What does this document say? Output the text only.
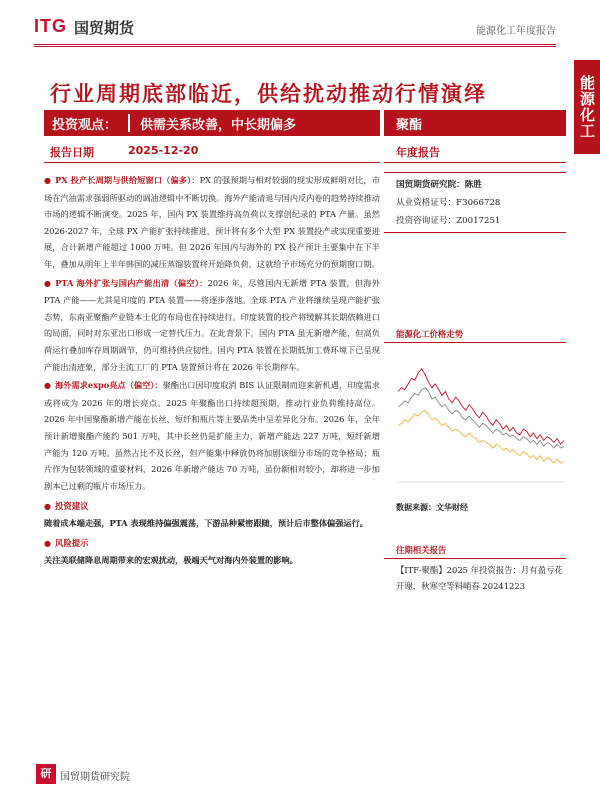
ITG 国贸期货	能源化工年度报告
能源化工
行业周期底部临近，供给扰动推动行情演绎
投资观点： 供需关系改善，中长期偏多	聚酯
报告日期	2025-12-20	年度报告

● PX 投产长周期与供给短窗口（偏多）：PX 的强预期与相对较弱的现实形成鲜明对比，市场在汽油需求强弱所驱动的调油逻辑中不断切换。海外产能清退与国内反内卷的趋势持续推动市场的逻辑不断演变。2025 年，国内 PX 装置维持高负荷以支撑创纪录的 PTA 产量。虽然 2026-2027 年，全球 PX 产能扩张持续推进，预计将有多个大型 PX 装置投产或实现重要进展，合计新增产能超过 1000 万吨。但 2026 年国内与海外的 PX 投产预计主要集中在下半年，叠加从明年上半年韩国的减压蒸馏装置将开始降负荷，这就给予市场充分的预期窗口期。

● PTA 海外扩张与国内产能出清（偏空）：2026 年，尽管国内无新增 PTA 装置，但海外 PTA 产能——尤其是印度的 PTA 装置——将逐步落地。全球 PTA 产业将继续呈现产能扩张态势，东南亚聚酯产业链本土化的布局也在持续进行。印度装置的投产将缓解其长期依赖进口的局面，同时对东亚出口形成一定替代压力。在此背景下，国内 PTA 虽无新增产能，但高负荷运行叠加库存周期调节，仍可维持供应韧性。国内 PTA 装置在长期低加工费环境下已呈现产能出清迹象，部分主流工厂的 PTA 装置预计将在 2026 年长期停车。

● 海外需求expo亮点（偏空）：聚酯出口因印度取消 BIS 认证限制而迎来新机遇，印度需求或将成为 2026 年的增长亮点。2025 年聚酯出口持续超预期，推动行业负荷维持高位。2026 年中国聚酯新增产能在长丝、短纤和瓶片等主要品类中呈差异化分布。2026 年，全年预计新增聚酯产能约 501 万吨，其中长丝仍是扩能主力，新增产能达 227 万吨，短纤新增产能为 120 万吨。虽然占比不及长丝，但产能集中释放仍将加剧该细分市场的竞争格局；瓶片作为包装领域的重要材料，2026 年新增产能达 70 万吨，虽份额相对较小，却将进一步加剧本已过剩的瓶片市场压力。

● 投资建议

随着成本端走强，PTA 表现维持偏强震荡，下游品种紧密跟随，预计后市整体偏强运行。

● 风险提示

关注美联储降息周期带来的宏观扰动，极端天气对海内外装置的影响。

国贸期货研究院：陈胜
从业资格证号：F3066728
投资咨询证号：Z0017251
能源化工价格走势
数据来源：文华财经
往期相关报告
【ITF-聚酯】2025 年投资报告：月有盈亏花开谢，秋寒空等料峭春 20241223
研 国贸期货研究院
